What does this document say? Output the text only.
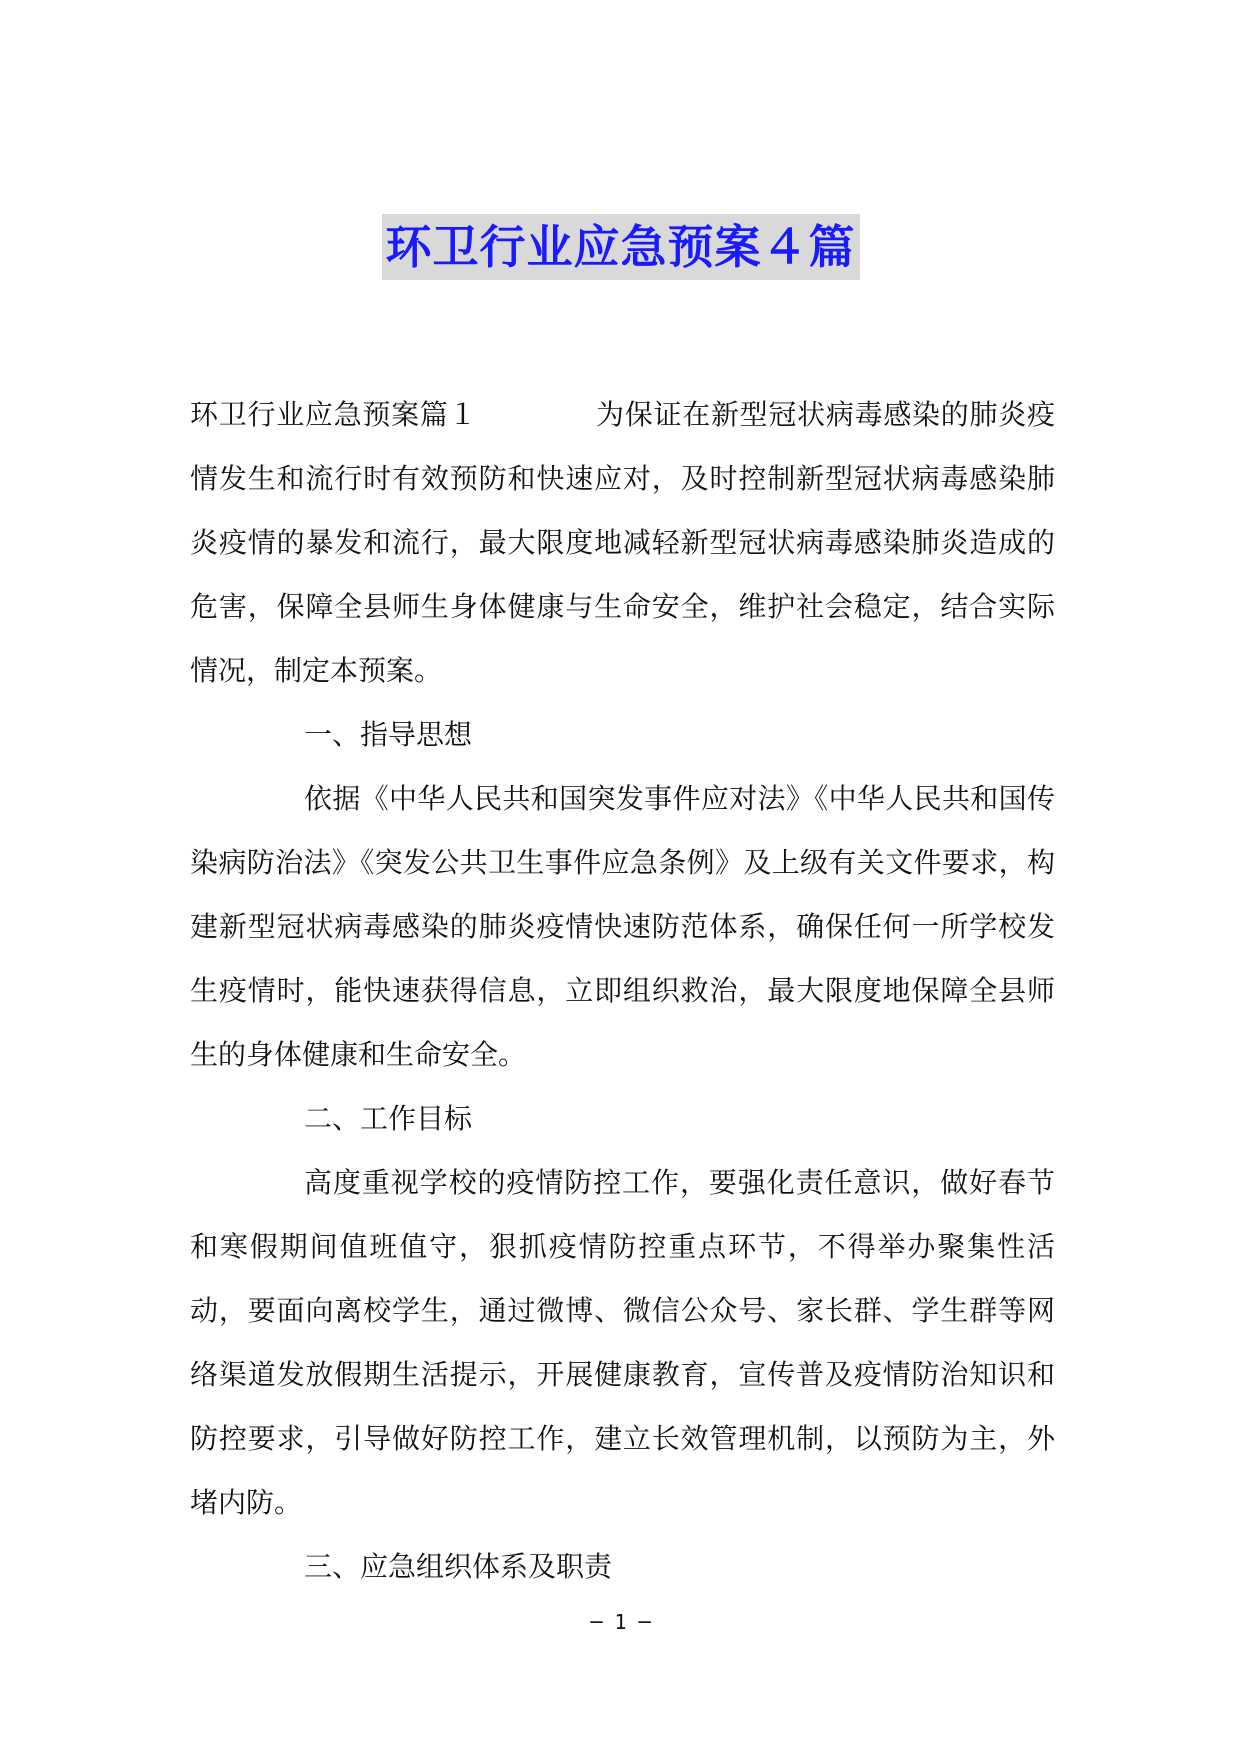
环卫行业应急预案４篇

环卫行业应急预案篇１	为保证在新型冠状病毒感染的肺炎疫情发生和流行时有效预防和快速应对，及时控制新型冠状病毒感染肺炎疫情的暴发和流行，最大限度地减轻新型冠状病毒感染肺炎造成的危害，保障全县师生身体健康与生命安全，维护社会稳定，结合实际情况，制定本预案。

一、指导思想

依据《中华人民共和国突发事件应对法》《中华人民共和国传染病防治法》《突发公共卫生事件应急条例》及上级有关文件要求，构建新型冠状病毒感染的肺炎疫情快速防范体系，确保任何一所学校发生疫情时，能快速获得信息，立即组织救治，最大限度地保障全县师生的身体健康和生命安全。

二、工作目标

高度重视学校的疫情防控工作，要强化责任意识，做好春节和寒假期间值班值守，狠抓疫情防控重点环节，不得举办聚集性活动，要面向离校学生，通过微博、微信公众号、家长群、学生群等网络渠道发放假期生活提示，开展健康教育，宣传普及疫情防治知识和防控要求，引导做好防控工作，建立长效管理机制，以预防为主，外堵内防。

三、应急组织体系及职责

─ 1 ─
